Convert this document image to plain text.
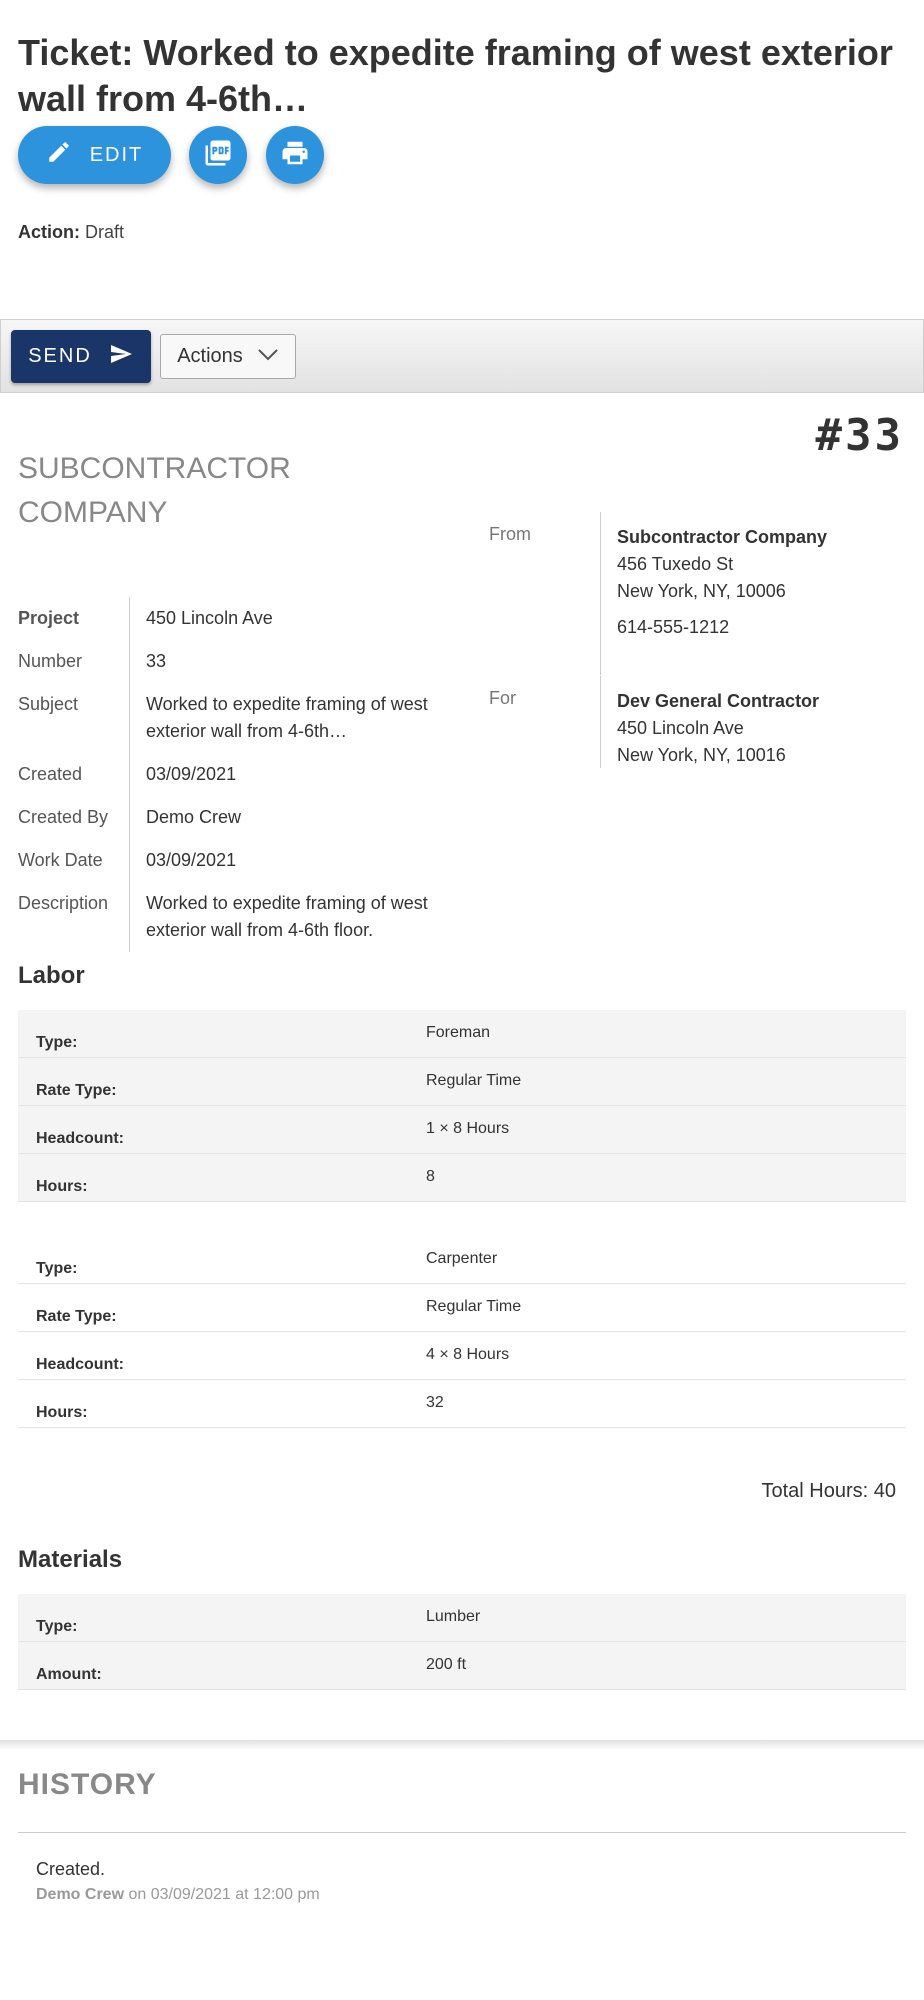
Ticket: Worked to expedite framing of west exterior wall from 4-6th…
EDIT
Action: Draft
SEND	Actions
#33
SUBCONTRACTOR COMPANY
Project	450 Lincoln Ave
Number	33
Subject	Worked to expedite framing of west exterior wall from 4-6th…
Created	03/09/2021
Created By	Demo Crew
Work Date	03/09/2021
Description	Worked to expedite framing of west exterior wall from 4-6th floor.
From	Subcontractor Company
456 Tuxedo St
New York, NY, 10006
614-555-1212
For	Dev General Contractor
450 Lincoln Ave
New York, NY, 10016
Labor
Type:
Foreman
Rate Type:
Regular Time
Headcount:
1 × 8 Hours
Hours:
8
Type:
Carpenter
Rate Type:
Regular Time
Headcount:
4 × 8 Hours
Hours:
32
Total Hours: 40
Materials
Type:
Lumber
Amount:
200 ft
HISTORY
Created.
Demo Crew on 03/09/2021 at 12:00 pm
